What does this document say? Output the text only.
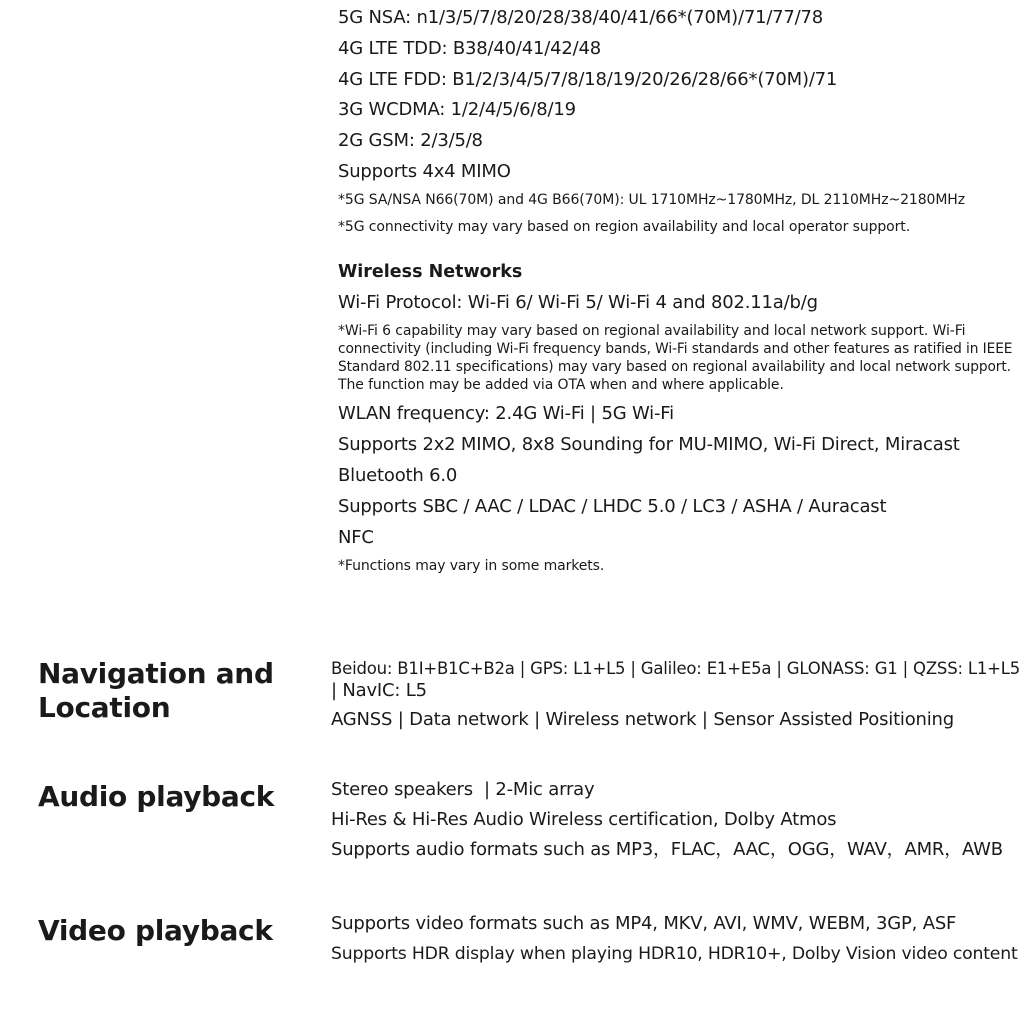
5G NSA: n1/3/5/7/8/20/28/38/40/41/66*(70M)/71/77/78

4G LTE TDD: B38/40/41/42/48

4G LTE FDD: B1/2/3/4/5/7/8/18/19/20/26/28/66*(70M)/71

3G WCDMA: 1/2/4/5/6/8/19

2G GSM: 2/3/5/8

Supports 4x4 MIMO

*5G SA/NSA N66(70M) and 4G B66(70M): UL 1710MHz~1780MHz, DL 2110MHz~2180MHz

*5G connectivity may vary based on region availability and local operator support.

Wireless Networks

Wi-Fi Protocol: Wi-Fi 6/ Wi-Fi 5/ Wi-Fi 4 and 802.11a/b/g

*Wi-Fi 6 capability may vary based on regional availability and local network support. Wi-Fi

connectivity (including Wi-Fi frequency bands, Wi-Fi standards and other features as ratified in IEEE

Standard 802.11 specifications) may vary based on regional availability and local network support.

The function may be added via OTA when and where applicable.

WLAN frequency: 2.4G Wi-Fi | 5G Wi-Fi

Supports 2x2 MIMO, 8x8 Sounding for MU-MIMO, Wi-Fi Direct, Miracast

Bluetooth 6.0

Supports SBC / AAC / LDAC / LHDC 5.0 / LC3 / ASHA / Auracast

NFC

*Functions may vary in some markets.

Navigation and

Location

Beidou: B1I+B1C+B2a | GPS: L1+L5 | Galileo: E1+E5a | GLONASS: G1 | QZSS: L1+L5

| NavIC: L5

AGNSS | Data network | Wireless network | Sensor Assisted Positioning

Audio playback	Stereo speakers  | 2-Mic array

Hi-Res & Hi-Res Audio Wireless certification, Dolby Atmos

Supports audio formats such as MP3，FLAC，AAC，OGG，WAV，AMR，AWB

Video playback	Supports video formats such as MP4, MKV, AVI, WMV, WEBM, 3GP, ASF

Supports HDR display when playing HDR10, HDR10+, Dolby Vision video content
